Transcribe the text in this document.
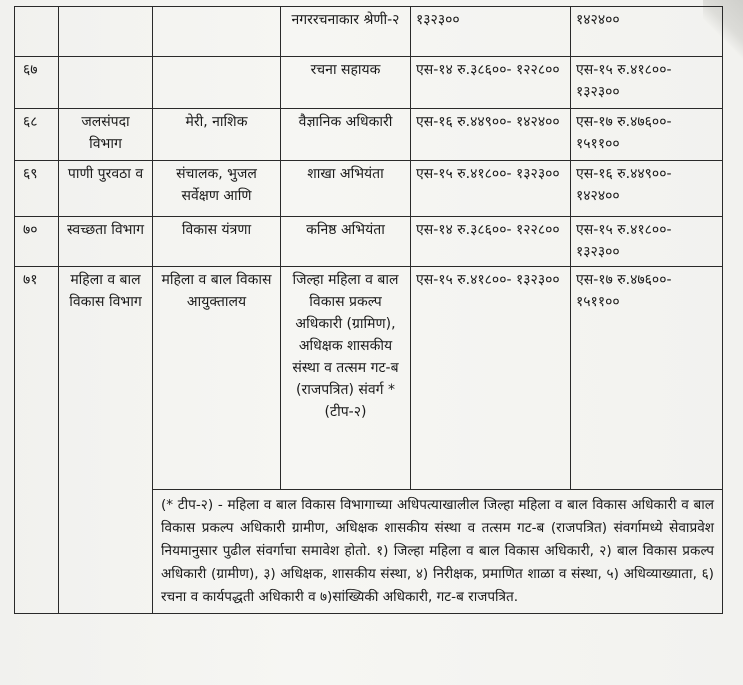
			नगररचनाकार श्रेणी-२	१३२३००	१४२४००
६७			रचना सहायक	एस-१४ रु.३८६००- १२२८००	एस-१५ रु.४१८००- १३२३००
६८	जलसंपदा विभाग	मेरी, नाशिक	वैज्ञानिक अधिकारी	एस-१६ रु.४४९००- १४२४००	एस-१७ रु.४७६००- १५११००
६९	पाणी पुरवठा व	संचालक, भुजल सर्वेक्षण आणि	शाखा अभियंता	एस-१५ रु.४१८००- १३२३००	एस-१६ रु.४४९००- १४२४००
७०	स्वच्छता विभाग	विकास यंत्रणा	कनिष्ठ अभियंता	एस-१४ रु.३८६००- १२२८००	एस-१५ रु.४१८००- १३२३००
७१	महिला व बाल विकास विभाग	महिला व बाल विकास आयुक्तालय	जिल्हा महिला व बाल विकास प्रकल्प अधिकारी (ग्रामिण), अधिक्षक शासकीय संस्था व तत्सम गट-ब (राजपत्रित) संवर्ग *(टीप-२)	एस-१५ रु.४१८००- १३२३००	एस-१७ रु.४७६००- १५११००

		(* टीप-२) - महिला व बाल विकास विभागाच्या अधिपत्याखालील जिल्हा महिला व बाल विकास अधिकारी व बाल विकास प्रकल्प अधिकारी ग्रामीण, अधिक्षक शासकीय संस्था व तत्सम गट-ब (राजपत्रित) संवर्गामध्ये सेवाप्रवेश नियमानुसार पुढील संवर्गाचा समावेश होतो. १) जिल्हा महिला व बाल विकास अधिकारी, २) बाल विकास प्रकल्प अधिकारी (ग्रामीण), ३) अधिक्षक, शासकीय संस्था, ४) निरीक्षक, प्रमाणित शाळा व संस्था, ५) अधिव्याख्याता, ६) रचना व कार्यपद्धती अधिकारी व ७)सांख्यिकी अधिकारी, गट-ब राजपत्रित.			
